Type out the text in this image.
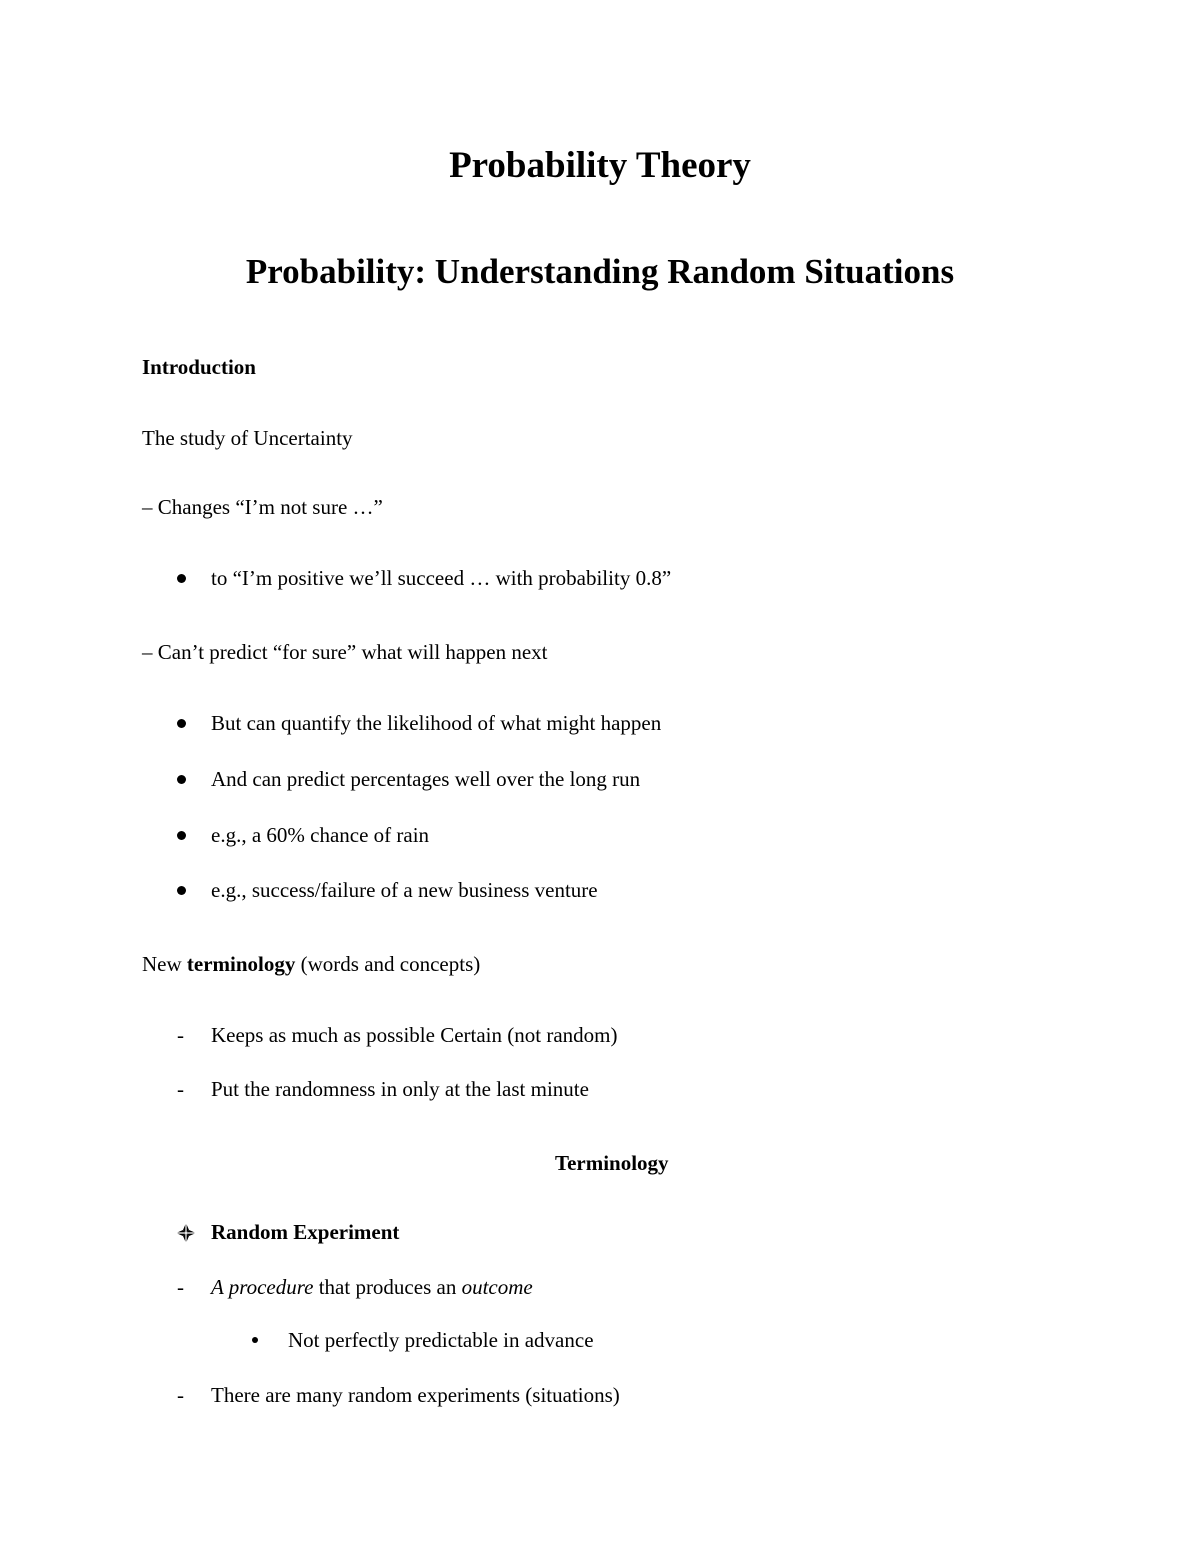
Probability Theory
Probability: Understanding Random Situations
Introduction
The study of Uncertainty
– Changes “I’m not sure …”
to “I’m positive we’ll succeed … with probability 0.8”
– Can’t predict “for sure” what will happen next
But can quantify the likelihood of what might happen
And can predict percentages well over the long run
e.g., a 60% chance of rain
e.g., success/failure of a new business venture
New terminology (words and concepts)
- Keeps as much as possible Certain (not random)
- Put the randomness in only at the last minute
Terminology
Random Experiment
- A procedure that produces an outcome
Not perfectly predictable in advance
- There are many random experiments (situations)
